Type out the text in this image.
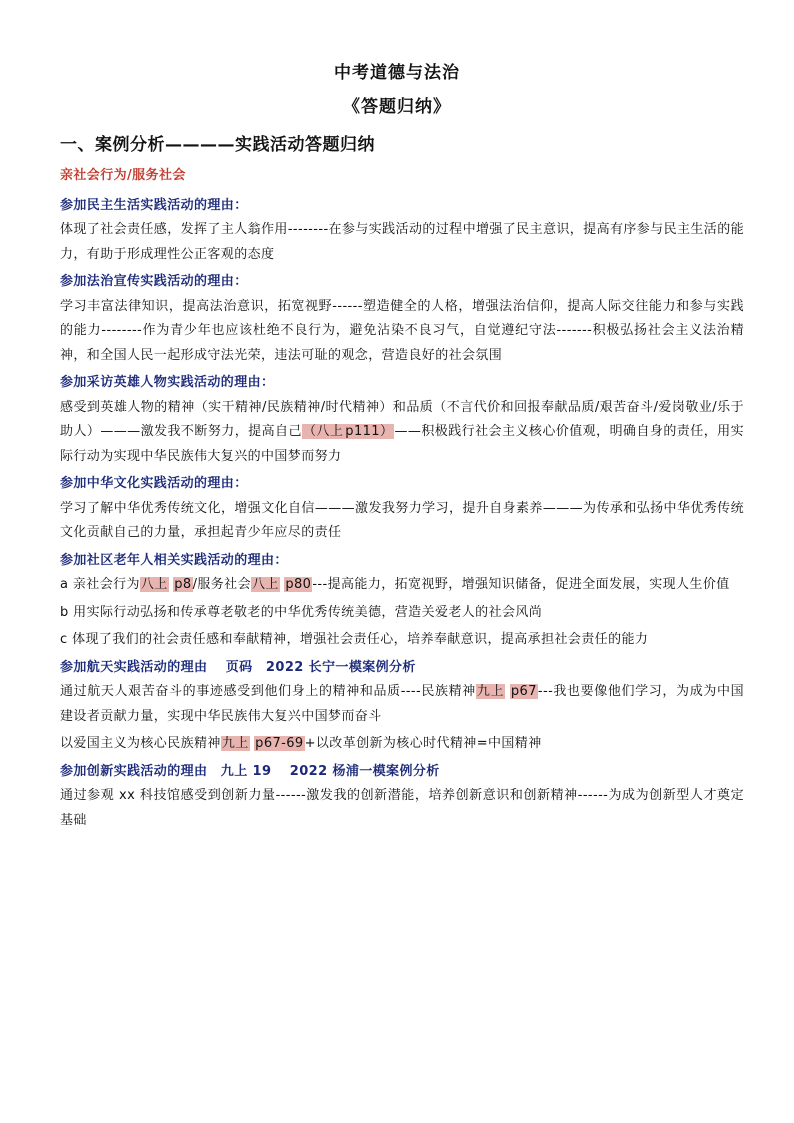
中考道德与法治
《答题归纳》
一、案例分析————实践活动答题归纳

亲社会行为/服务社会

参加民主生活实践活动的理由：

体现了社会责任感，发挥了主人翁作用--------在参与实践活动的过程中增强了民主意识，提高有序参与民主生活的能力，有助于形成理性公正客观的态度

参加法治宣传实践活动的理由：

学习丰富法律知识，提高法治意识，拓宽视野------塑造健全的人格，增强法治信仰，提高人际交往能力和参与实践的能力--------作为青少年也应该杜绝不良行为，避免沾染不良习气，自觉遵纪守法-------积极弘扬社会主义法治精神，和全国人民一起形成守法光荣，违法可耻的观念，营造良好的社会氛围

参加采访英雄人物实践活动的理由：

感受到英雄人物的精神（实干精神/民族精神/时代精神）和品质（不言代价和回报奉献品质/艰苦奋斗/爱岗敬业/乐于助人）———激发我不断努力，提高自己（八上 p111）——积极践行社会主义核心价值观，明确自身的责任，用实际行动为实现中华民族伟大复兴的中国梦而努力

参加中华文化实践活动的理由：

学习了解中华优秀传统文化，增强文化自信———激发我努力学习，提升自身素养———为传承和弘扬中华优秀传统文化贡献自己的力量，承担起青少年应尽的责任

参加社区老年人相关实践活动的理由：

a 亲社会行为八上 p8/服务社会八上 p80---提高能力，拓宽视野，增强知识储备，促进全面发展，实现人生价值

b 用实际行动弘扬和传承尊老敬老的中华优秀传统美德，营造关爱老人的社会风尚

c 体现了我们的社会责任感和奉献精神，增强社会责任心，培养奉献意识，提高承担社会责任的能力

参加航天实践活动的理由　 页码　2022 长宁一模案例分析

通过航天人艰苦奋斗的事迹感受到他们身上的精神和品质----民族精神九上 p67---我也要像他们学习，为成为中国建设者贡献力量，实现中华民族伟大复兴中国梦而奋斗

以爱国主义为核心民族精神九上 p67-69+以改革创新为核心时代精神=中国精神

参加创新实践活动的理由　九上 19　 2022 杨浦一模案例分析

通过参观 xx 科技馆感受到创新力量------激发我的创新潜能，培养创新意识和创新精神------为成为创新型人才奠定基础
